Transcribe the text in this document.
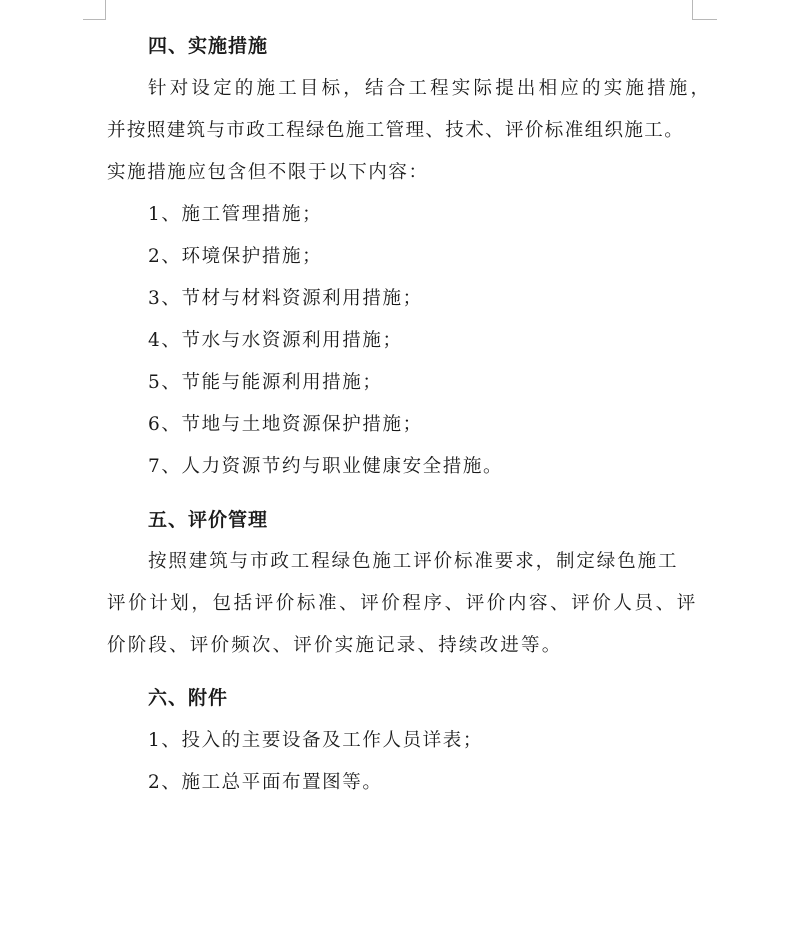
四、实施措施
针对设定的施工目标，结合工程实际提出相应的实施措施，
并按照建筑与市政工程绿色施工管理、技术、评价标准组织施工。
实施措施应包含但不限于以下内容：
1、施工管理措施；
2、环境保护措施；
3、节材与材料资源利用措施；
4、节水与水资源利用措施；
5、节能与能源利用措施；
6、节地与土地资源保护措施；
7、人力资源节约与职业健康安全措施。
五、评价管理
按照建筑与市政工程绿色施工评价标准要求，制定绿色施工
评价计划，包括评价标准、评价程序、评价内容、评价人员、评
价阶段、评价频次、评价实施记录、持续改进等。
六、附件
1、投入的主要设备及工作人员详表；
2、施工总平面布置图等。
